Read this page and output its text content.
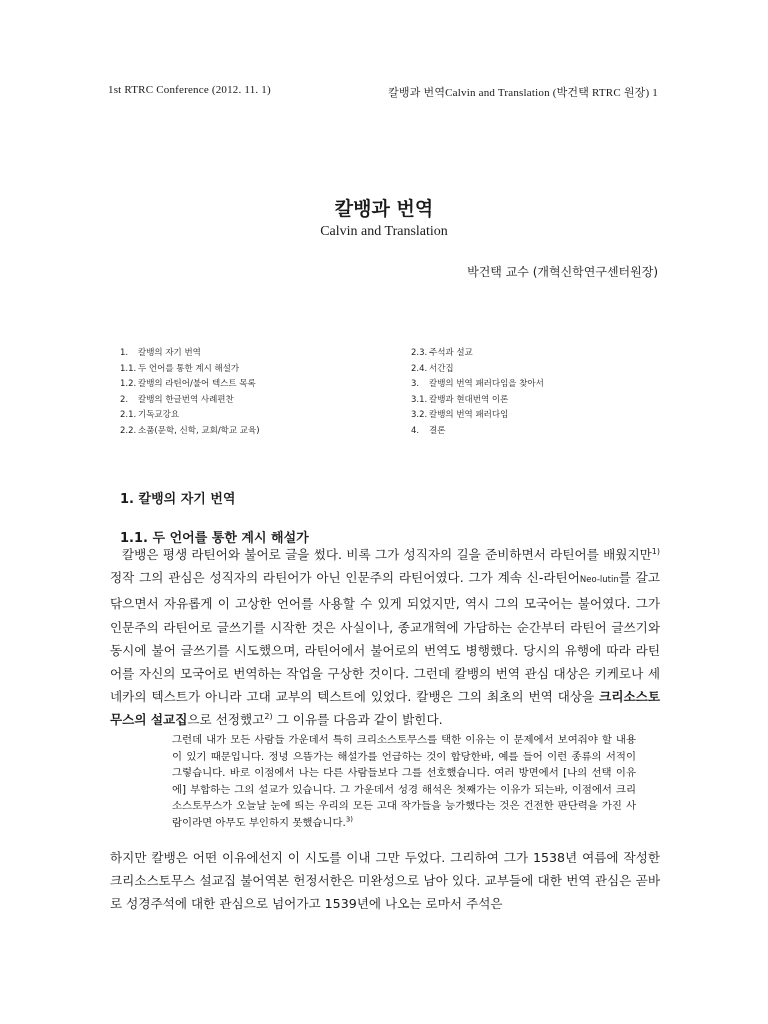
1st RTRC Conference (2012. 11. 1)	칼뱅과 번역Calvin and Translation (박건택 RTRC 원장) 1
칼뱅과 번역
Calvin and Translation
박건택 교수 (개혁신학연구센터원장)
1. 칼뱅의 자기 번역
1.1. 두 언어를 통한 계시 해설가
1.2. 칼뱅의 라틴어/불어 텍스트 목록
2. 칼뱅의 한글번역 사례편찬
2.1. 기독교강요
2.2. 소품(문학, 신학, 교회/학교 교육)
2.3. 주석과 설교
2.4. 서간집
3. 칼뱅의 번역 패러다임을 찾아서
3.1. 칼뱅과 현대번역 이론
3.2. 칼뱅의 번역 패러다임
4. 결론
1. 칼뱅의 자기 번역
1.1. 두 언어를 통한 계시 해설가
칼뱅은 평생 라틴어와 불어로 글을 썼다. 비록 그가 성직자의 길을 준비하면서 라틴어를 배웠지만$^{1)}$ 정작 그의 관심은 성직자의 라틴어가 아닌 인문주의 라틴어였다. 그가 계속 신-라틴어Neo-lutin를 갈고 닦으면서 자유롭게 이 고상한 언어를 사용할 수 있게 되었지만, 역시 그의 모국어는 불어였다. 그가 인문주의 라틴어로 글쓰기를 시작한 것은 사실이나, 종교개혁에 가담하는 순간부터 라틴어 글쓰기와 동시에 불어 글쓰기를 시도했으며, 라틴어에서 불어로의 번역도 병행했다. 당시의 유행에 따라 라틴어를 자신의 모국어로 번역하는 작업을 구상한 것이다. 그런데 칼뱅의 번역 관심 대상은 키케로나 세네카의 텍스트가 아니라 고대 교부의 텍스트에 있었다. 칼뱅은 그의 최초의 번역 대상을 크리소스토무스의 설교집으로 선정했고$^{2)}$ 그 이유를 다음과 같이 밝힌다.
그런데 내가 모든 사람들 가운데서 특히 크리소스토무스를 택한 이유는 이 문제에서 보여줘야 할 내용이 있기 때문입니다. 정녕 으뜸가는 해설가를 언급하는 것이 합당한바, 예를 들어 이런 종류의 서적이 그렇습니다. 바로 이점에서 나는 다른 사람들보다 그를 선호했습니다. 여러 방면에서 [나의 선택 이유에] 부합하는 그의 설교가 있습니다. 그 가운데서 성경 해석은 첫째가는 이유가 되는바, 이점에서 크리소스토무스가 오늘날 눈에 띄는 우리의 모든 고대 작가들을 능가했다는 것은 건전한 판단력을 가진 사람이라면 아무도 부인하지 못했습니다.$^{3)}$
하지만 칼뱅은 어떤 이유에선지 이 시도를 이내 그만 두었다. 그리하여 그가 1538년 여름에 작성한 크리소스토무스 설교집 불어역본 헌정서한은 미완성으로 남아 있다. 교부들에 대한 번역 관심은 곧바로 성경주석에 대한 관심으로 넘어가고 1539년에 나오는 로마서 주석은
